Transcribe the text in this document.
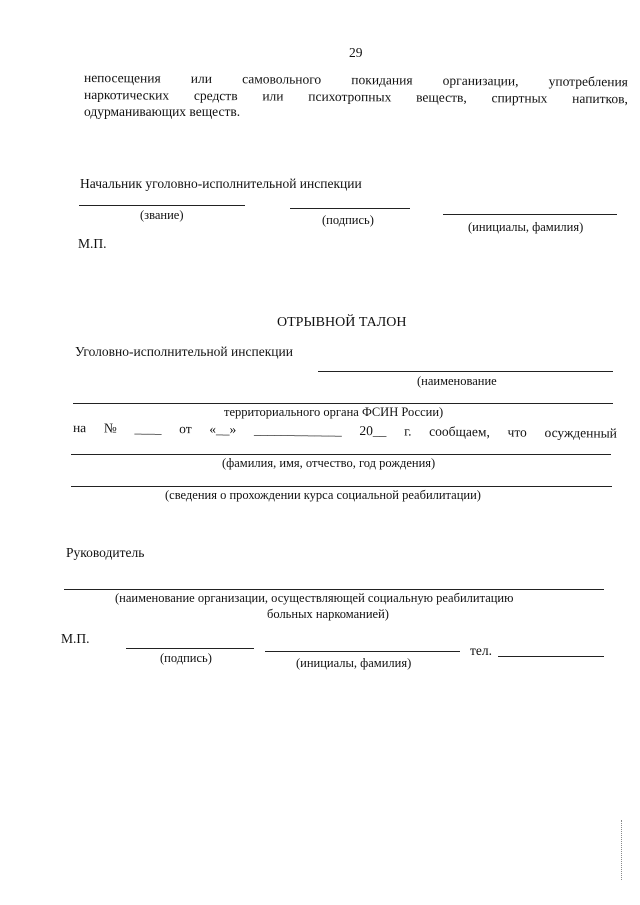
29
непосещения или самовольного покидания организации, употребления
наркотических средств или психотропных веществ, спиртных напитков,
одурманивающих веществ.
Начальник уголовно-исполнительной инспекции
(звание)	(подпись)	(инициалы, фамилия)
М.П.
ОТРЫВНОЙ ТАЛОН
Уголовно-исполнительной инспекции
(наименование
территориального органа ФСИН России)
на № ____ от «__» _____________ 20__ г. сообщаем, что осужденный
(фамилия, имя, отчество, год рождения)
(сведения о прохождении курса социальной реабилитации)
Руководитель
(наименование организации, осуществляющей социальную реабилитацию
больных наркоманией)
М.П.
тел.
(подпись)	(инициалы, фамилия)
